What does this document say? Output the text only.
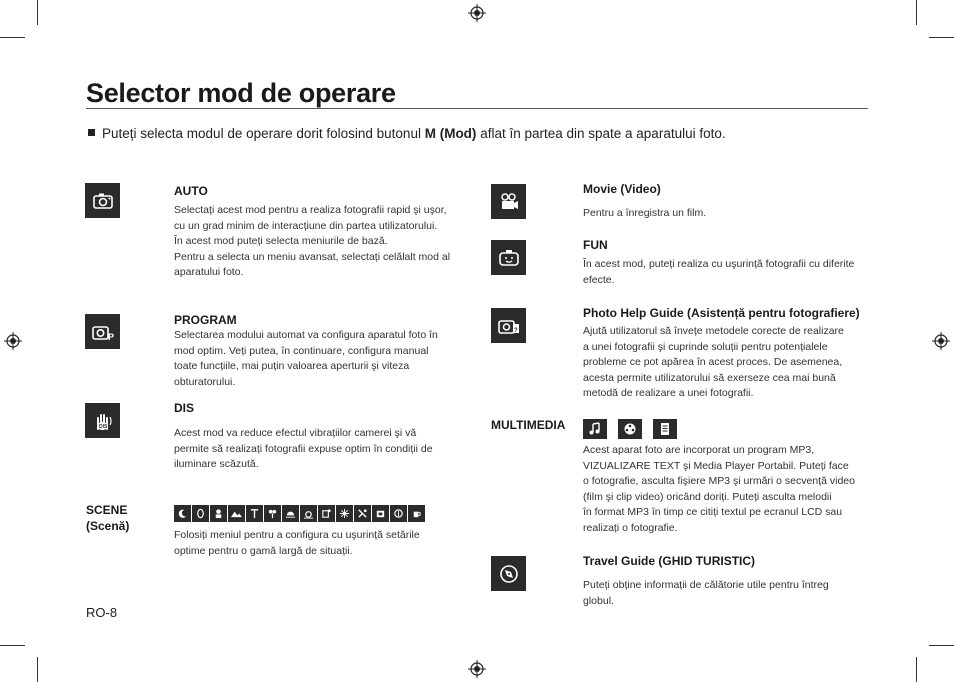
Selector mod de operare
Puteți selecta modul de operare dorit folosind butonul M (Mod) aflat în partea din spate a aparatului foto.
AUTO
Selectați acest mod pentru a realiza fotografii rapid şi uşor,
cu un grad minim de interacțiune din partea utilizatorului.
În acest mod puteți selecta meniurile de bază.
Pentru a selecta un meniu avansat, selectați celălalt mod al
aparatului foto.
P
PROGRAM
Selectarea modului automat va configura aparatul foto în
mod optim. Veți putea, în continuare, configura manual
toate funcțiile, mai puțin valoarea aperturii şi viteza
obturatorului.
DIS
DIS
Acest mod va reduce efectul vibrațiilor camerei şi vă
permite să realizați fotografii expuse optim în condiții de
iluminare scăzută.
SCENE
(Scenă)
Folosiți meniul pentru a configura cu uşurință setările
optime pentru o gamă largă de situații.
Movie (Video)
Pentru a înregistra un film.
FUN
În acest mod, puteți realiza cu uşurință fotografii cu diferite
efecte.
?
Photo Help Guide (Asistență pentru fotografiere)
Ajută utilizatorul să învețe metodele corecte de realizare
a unei fotografii şi cuprinde soluții pentru potențialele
probleme ce pot apărea în acest proces. De asemenea,
acesta permite utilizatorului să exerseze cea mai bună
metodă de realizare a unei fotografii.
MULTIMEDIA
Acest aparat foto are incorporat un program MP3,
VIZUALIZARE TEXT şi Media Player Portabil. Puteți face
o fotografie, asculta fişiere MP3 şi urmări o secvență video
(film şi clip video) oricând doriți. Puteți asculta melodii
în format MP3 în timp ce citiți textul pe ecranul LCD sau
realizați o fotografie.
Travel Guide (GHID TURISTIC)
Puteți obține informații de călătorie utile pentru întreg
globul.
RO-8
